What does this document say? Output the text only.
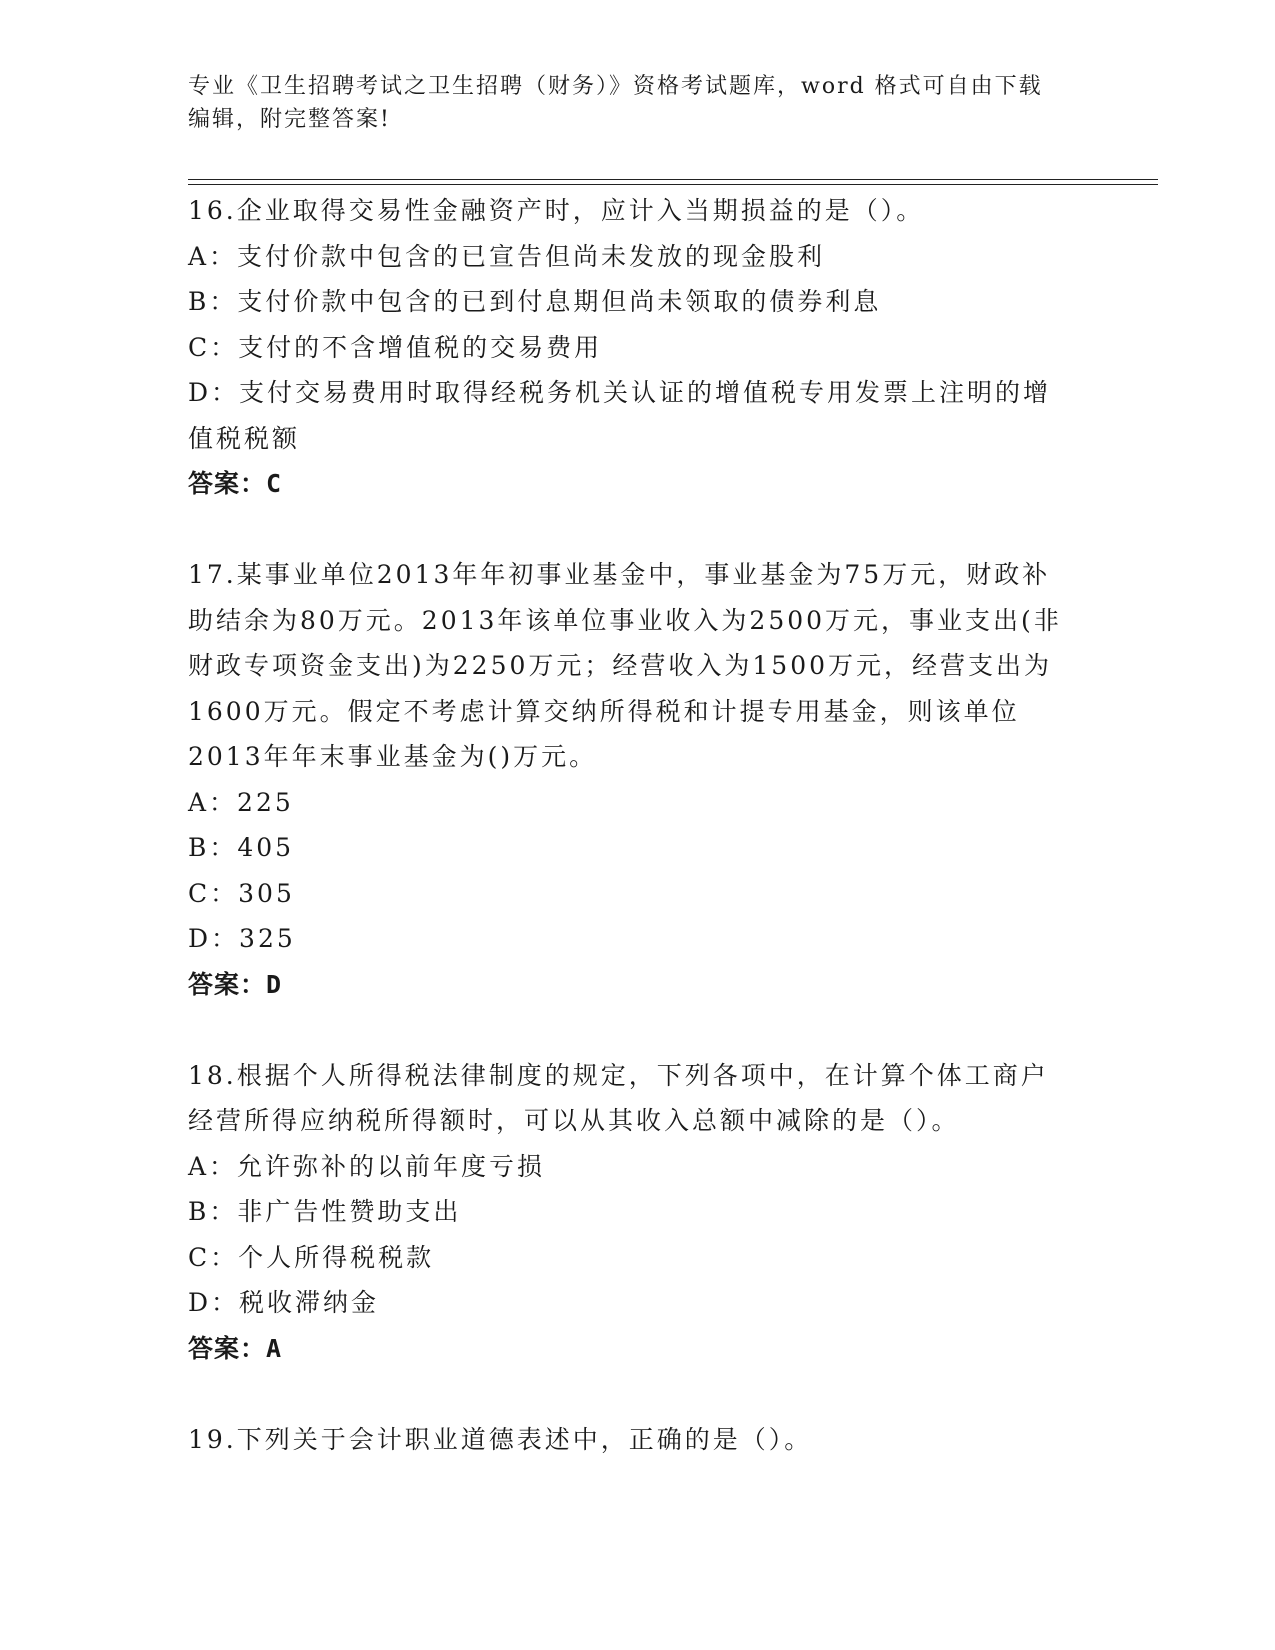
专业《卫生招聘考试之卫生招聘（财务）》资格考试题库，word 格式可自由下载
编辑，附完整答案!
16.企业取得交易性金融资产时，应计入当期损益的是（）。
A：支付价款中包含的已宣告但尚未发放的现金股利
B：支付价款中包含的已到付息期但尚未领取的债券利息
C：支付的不含增值税的交易费用
D：支付交易费用时取得经税务机关认证的增值税专用发票上注明的增
值税税额
答案：C
17.某事业单位2013年年初事业基金中，事业基金为75万元，财政补
助结余为80万元。2013年该单位事业收入为2500万元，事业支出(非
财政专项资金支出)为2250万元；经营收入为1500万元，经营支出为
1600万元。假定不考虑计算交纳所得税和计提专用基金，则该单位
2013年年末事业基金为()万元。
A：225
B：405
C：305
D：325
答案：D
18.根据个人所得税法律制度的规定，下列各项中，在计算个体工商户
经营所得应纳税所得额时，可以从其收入总额中减除的是（）。
A：允许弥补的以前年度亏损
B：非广告性赞助支出
C：个人所得税税款
D：税收滞纳金
答案：A
19.下列关于会计职业道德表述中，正确的是（）。
